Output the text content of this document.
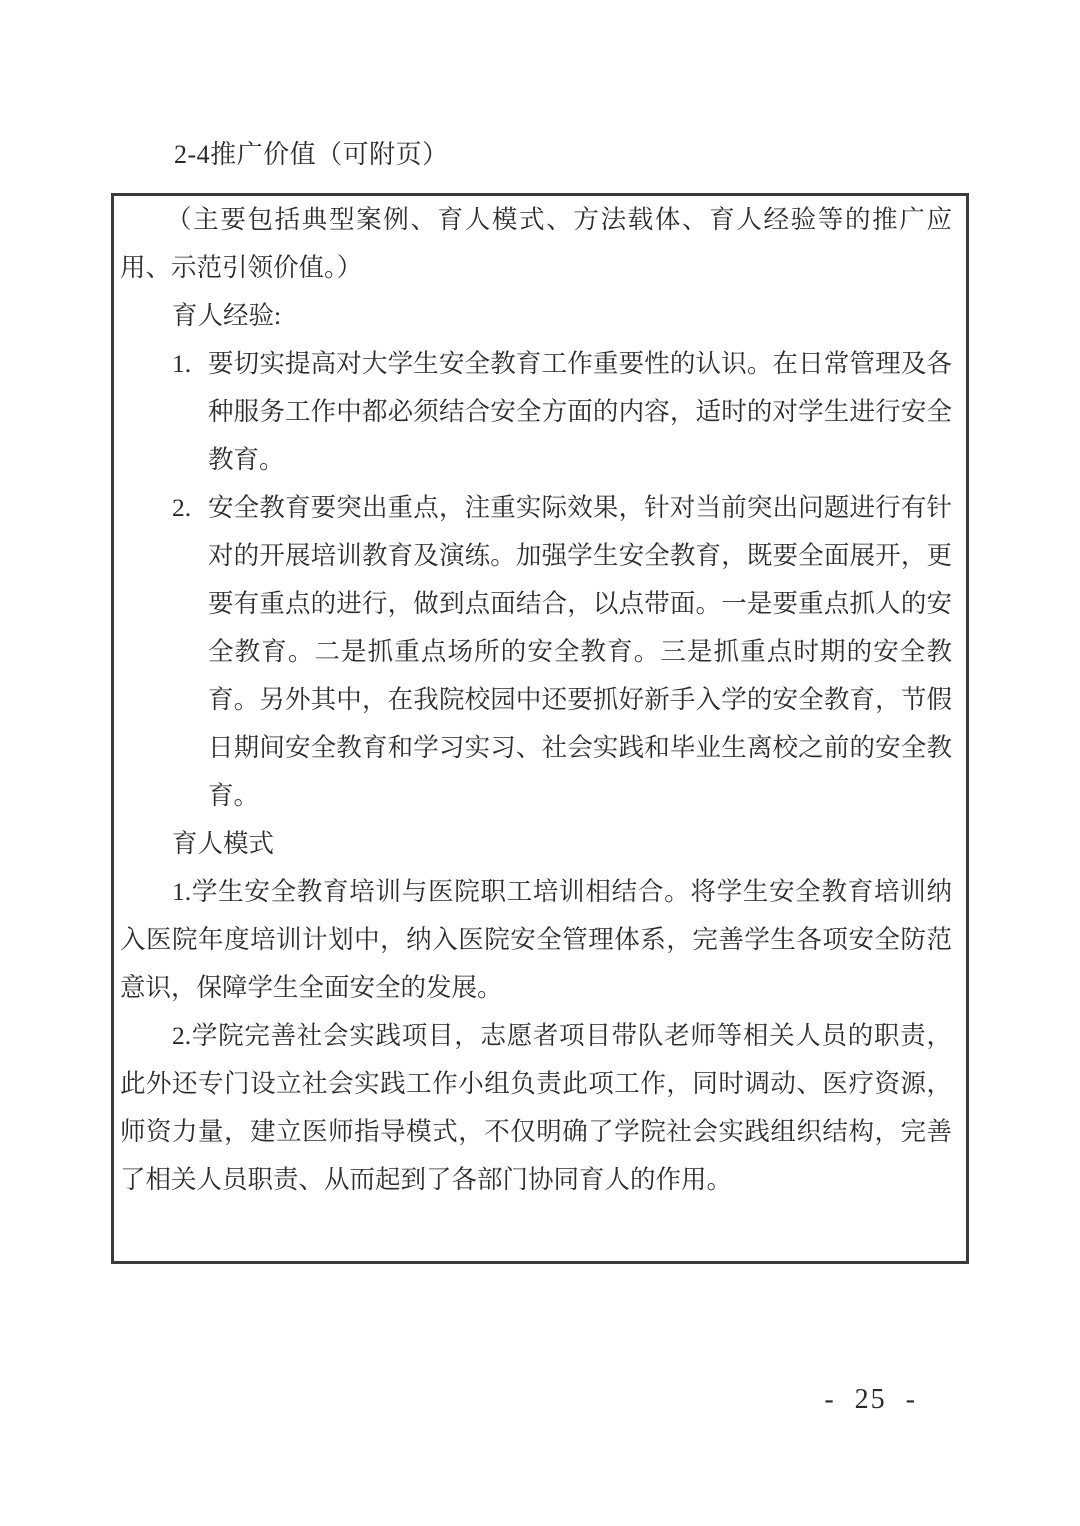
2-4推广价值（可附页）

（主要包括典型案例、育人模式、方法载体、育人经验等的推广应用、示范引领价值。）

育人经验:

1. 要切实提高对大学生安全教育工作重要性的认识。在日常管理及各种服务工作中都必须结合安全方面的内容，适时的对学生进行安全教育。
2. 安全教育要突出重点，注重实际效果，针对当前突出问题进行有针对的开展培训教育及演练。加强学生安全教育，既要全面展开，更要有重点的进行，做到点面结合，以点带面。一是要重点抓人的安全教育。二是抓重点场所的安全教育。三是抓重点时期的安全教育。另外其中，在我院校园中还要抓好新手入学的安全教育，节假日期间安全教育和学习实习、社会实践和毕业生离校之前的安全教育。

育人模式

1.学生安全教育培训与医院职工培训相结合。将学生安全教育培训纳入医院年度培训计划中，纳入医院安全管理体系，完善学生各项安全防范意识，保障学生全面安全的发展。

2.学院完善社会实践项目，志愿者项目带队老师等相关人员的职责，此外还专门设立社会实践工作小组负责此项工作，同时调动、医疗资源，师资力量，建立医师指导模式，不仅明确了学院社会实践组织结构，完善了相关人员职责、从而起到了各部门协同育人的作用。

- 25 -
